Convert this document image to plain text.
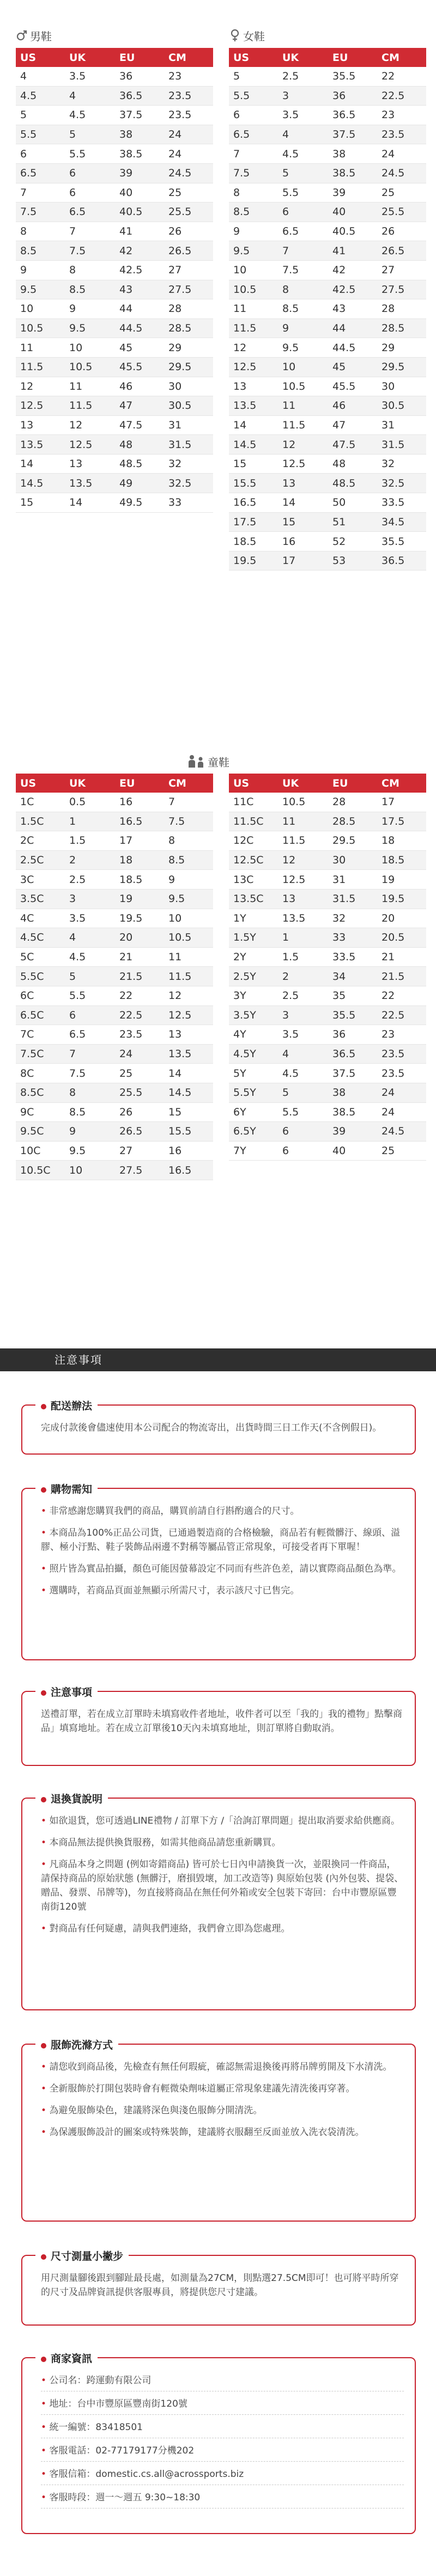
男鞋
US	UK	EU	CM
4	3.5	36	23
4.5	4	36.5	23.5
5	4.5	37.5	23.5
5.5	5	38	24
6	5.5	38.5	24
6.5	6	39	24.5
7	6	40	25
7.5	6.5	40.5	25.5
8	7	41	26
8.5	7.5	42	26.5
9	8	42.5	27
9.5	8.5	43	27.5
10	9	44	28
10.5	9.5	44.5	28.5
11	10	45	29
11.5	10.5	45.5	29.5
12	11	46	30
12.5	11.5	47	30.5
13	12	47.5	31
13.5	12.5	48	31.5
14	13	48.5	32
14.5	13.5	49	32.5
15	14	49.5	33
女鞋
US	UK	EU	CM
5	2.5	35.5	22
5.5	3	36	22.5
6	3.5	36.5	23
6.5	4	37.5	23.5
7	4.5	38	24
7.5	5	38.5	24.5
8	5.5	39	25
8.5	6	40	25.5
9	6.5	40.5	26
9.5	7	41	26.5
10	7.5	42	27
10.5	8	42.5	27.5
11	8.5	43	28
11.5	9	44	28.5
12	9.5	44.5	29
12.5	10	45	29.5
13	10.5	45.5	30
13.5	11	46	30.5
14	11.5	47	31
14.5	12	47.5	31.5
15	12.5	48	32
15.5	13	48.5	32.5
16.5	14	50	33.5
17.5	15	51	34.5
18.5	16	52	35.5
19.5	17	53	36.5
童鞋
US	UK	EU	CM
1C	0.5	16	7
1.5C	1	16.5	7.5
2C	1.5	17	8
2.5C	2	18	8.5
3C	2.5	18.5	9
3.5C	3	19	9.5
4C	3.5	19.5	10
4.5C	4	20	10.5
5C	4.5	21	11
5.5C	5	21.5	11.5
6C	5.5	22	12
6.5C	6	22.5	12.5
7C	6.5	23.5	13
7.5C	7	24	13.5
8C	7.5	25	14
8.5C	8	25.5	14.5
9C	8.5	26	15
9.5C	9	26.5	15.5
10C	9.5	27	16
10.5C	10	27.5	16.5
US	UK	EU	CM
11C	10.5	28	17
11.5C	11	28.5	17.5
12C	11.5	29.5	18
12.5C	12	30	18.5
13C	12.5	31	19
13.5C	13	31.5	19.5
1Y	13.5	32	20
1.5Y	1	33	20.5
2Y	1.5	33.5	21
2.5Y	2	34	21.5
3Y	2.5	35	22
3.5Y	3	35.5	22.5
4Y	3.5	36	23
4.5Y	4	36.5	23.5
5Y	4.5	37.5	23.5
5.5Y	5	38	24
6Y	5.5	38.5	24
6.5Y	6	39	24.5
7Y	6	40	25
注意事項
配送辦法

完成付款後會儘速使用本公司配合的物流寄出，出貨時間三日工作天(不含例假日)。

購物需知
• 非常感謝您購買我們的商品，購買前請自行斟酌適合的尺寸。
• 本商品為100%正品公司貨，已通過製造商的合格檢驗，商品若有輕微髒汙、線頭、溢膠、極小汙點、鞋子裝飾品兩邊不對稱等屬品管正常現象，可接受者再下單喔！
• 照片皆為實品拍攝，顏色可能因螢幕設定不同而有些許色差，請以實際商品顏色為準。
• 選購時，若商品頁面並無顯示所需尺寸，表示該尺寸已售完。
注意事項

送禮訂單，若在成立訂單時未填寫收件者地址，收件者可以至「我的」我的禮物」點擊商品」填寫地址。若在成立訂單後10天內未填寫地址，則訂單將自動取消。

退換貨說明
• 如欲退貨，您可透過LINE禮物 / 訂單下方 /「洽詢訂單問題」提出取消要求給供應商。
• 本商品無法提供換貨服務，如需其他商品請您重新購買。
• 凡商品本身之問題 (例如寄錯商品) 皆可於七日內申請換貨一次，並限換同一件商品，請保持商品的原始狀態 (無髒汙，磨損毀壞，加工改造等) 與原始包裝 (內外包裝、提袋、贈品、發票、吊牌等)，勿直接將商品在無任何外箱或安全包裝下寄回：台中市豐原區豐南街120號
• 對商品有任何疑慮，請與我們連絡，我們會立即為您處理。
服飾洗滌方式
• 請您收到商品後，先檢查有無任何瑕疵，確認無需退換後再將吊牌剪開及下水清洗。
• 全新服飾於打開包裝時會有輕微染劑味道屬正常現象建議先清洗後再穿著。
• 為避免服飾染色，建議將深色與淺色服飾分開清洗。
• 為保護服飾設計的圖案或特殊裝飾，建議將衣服翻至反面並放入洗衣袋清洗。
尺寸測量小撇步

用尺測量腳後跟到腳趾最長處，如測量為27CM，則點選27.5CM即可！也可將平時所穿的尺寸及品牌資訊提供客服專員，將提供您尺寸建議。

商家資訊
• 公司名：跨運動有限公司
• 地址：台中市豐原區豐南街120號
• 統一編號：83418501
• 客服電話：02-77179177分機202
• 客服信箱：domestic.cs.all@acrossports.biz
• 客服時段：週一～週五 9:30~18:30
